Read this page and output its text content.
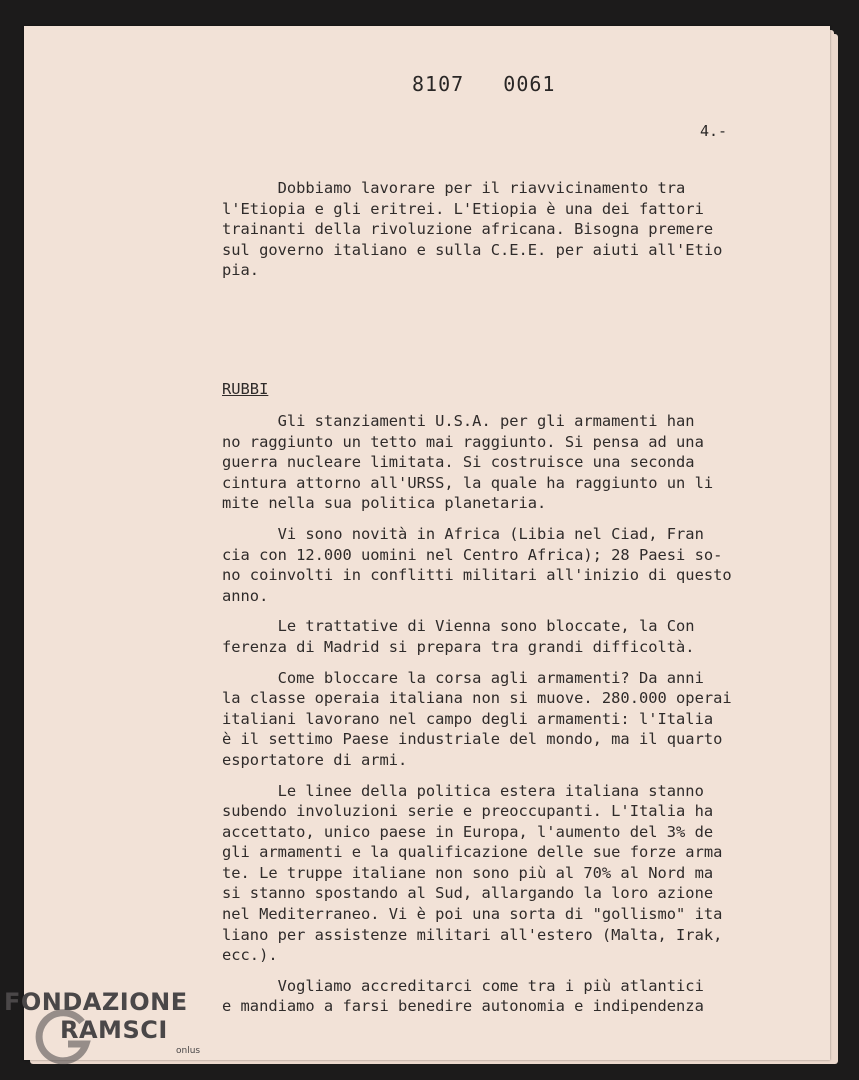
8107   0061
4.-
Dobbiamo lavorare per il riavvicinamento tra
l'Etiopia e gli eritrei. L'Etiopia è una dei fattori
trainanti della rivoluzione africana. Bisogna premere
sul governo italiano e sulla C.E.E. per aiuti all'Etio
pia.
RUBBI
Gli stanziamenti U.S.A. per gli armamenti han
no raggiunto un tetto mai raggiunto. Si pensa ad una
guerra nucleare limitata. Si costruisce una seconda
cintura attorno all'URSS, la quale ha raggiunto un li
mite nella sua politica planetaria.
Vi sono novità in Africa (Libia nel Ciad, Fran
cia con 12.000 uomini nel Centro Africa); 28 Paesi so-
no coinvolti in conflitti militari all'inizio di questo
anno.
Le trattative di Vienna sono bloccate, la Con
ferenza di Madrid si prepara tra grandi difficoltà.
Come bloccare la corsa agli armamenti? Da anni
la classe operaia italiana non si muove. 280.000 operai
italiani lavorano nel campo degli armamenti: l'Italia
è il settimo Paese industriale del mondo, ma il quarto
esportatore di armi.
Le linee della politica estera italiana stanno
subendo involuzioni serie e preoccupanti. L'Italia ha
accettato, unico paese in Europa, l'aumento del 3% de
gli armamenti e la qualificazione delle sue forze arma
te. Le truppe italiane non sono più al 70% al Nord ma
si stanno spostando al Sud, allargando la loro azione
nel Mediterraneo. Vi è poi una sorta di "gollismo" ita
liano per assistenze militari all'estero (Malta, Irak,
ecc.).
Vogliamo accreditarci come tra i più atlantici
e mandiamo a farsi benedire autonomia e indipendenza
FONDAZIONE
RAMSCI
onlus
